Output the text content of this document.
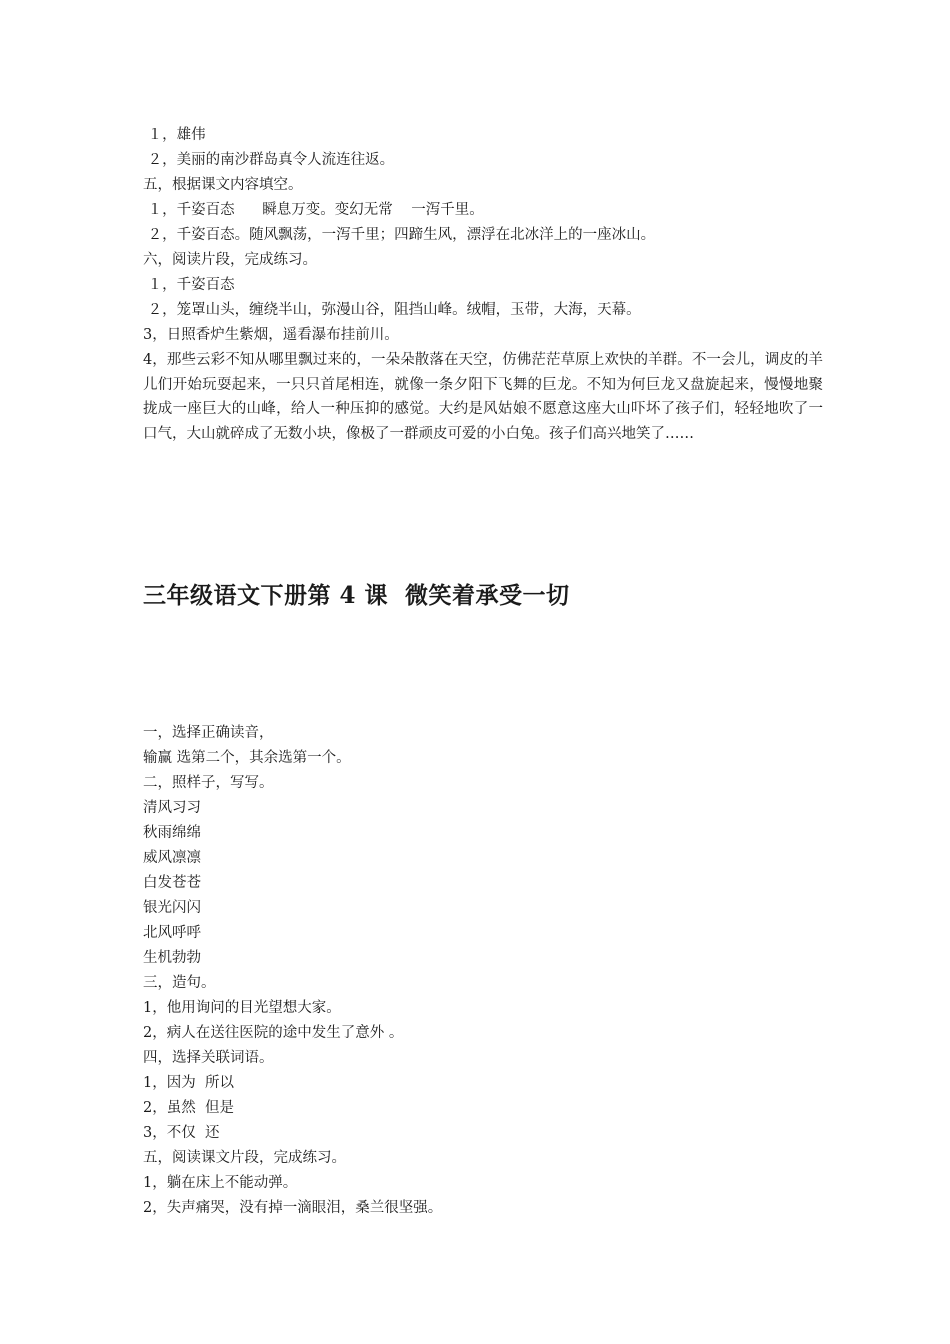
１，雄伟
２，美丽的南沙群岛真令人流连往返。
五，根据课文内容填空。
１，千姿百态      瞬息万变。变幻无常    一泻千里。
２，千姿百态。随风飘荡，一泻千里；四蹄生风，漂浮在北冰洋上的一座冰山。
六，阅读片段，完成练习。
１，千姿百态
２，笼罩山头，缠绕半山，弥漫山谷，阻挡山峰。绒帽，玉带，大海，天幕。
3，日照香炉生紫烟，遥看瀑布挂前川。
4，那些云彩不知从哪里飘过来的，一朵朵散落在天空，仿佛茫茫草原上欢快的羊群。不一会儿，调皮的羊儿们开始玩耍起来，一只只首尾相连，就像一条夕阳下飞舞的巨龙。不知为何巨龙又盘旋起来，慢慢地聚拢成一座巨大的山峰，给人一种压抑的感觉。大约是风姑娘不愿意这座大山吓坏了孩子们，轻轻地吹了一口气，大山就碎成了无数小块，像极了一群顽皮可爱的小白兔。孩子们高兴地笑了……
三年级语文下册第 4 课  微笑着承受一切
一，选择正确读音，
输赢 选第二个，其余选第一个。
二，照样子，写写。
清风习习
秋雨绵绵
威风凛凛
白发苍苍
银光闪闪
北风呼呼
生机勃勃
三，造句。
1，他用询问的目光望想大家。
2，病人在送往医院的途中发生了意外 。
四，选择关联词语。
1，因为  所以
2，虽然  但是
3，不仅  还
五，阅读课文片段，完成练习。
1，躺在床上不能动弹。
2，失声痛哭，没有掉一滴眼泪，桑兰很坚强。
